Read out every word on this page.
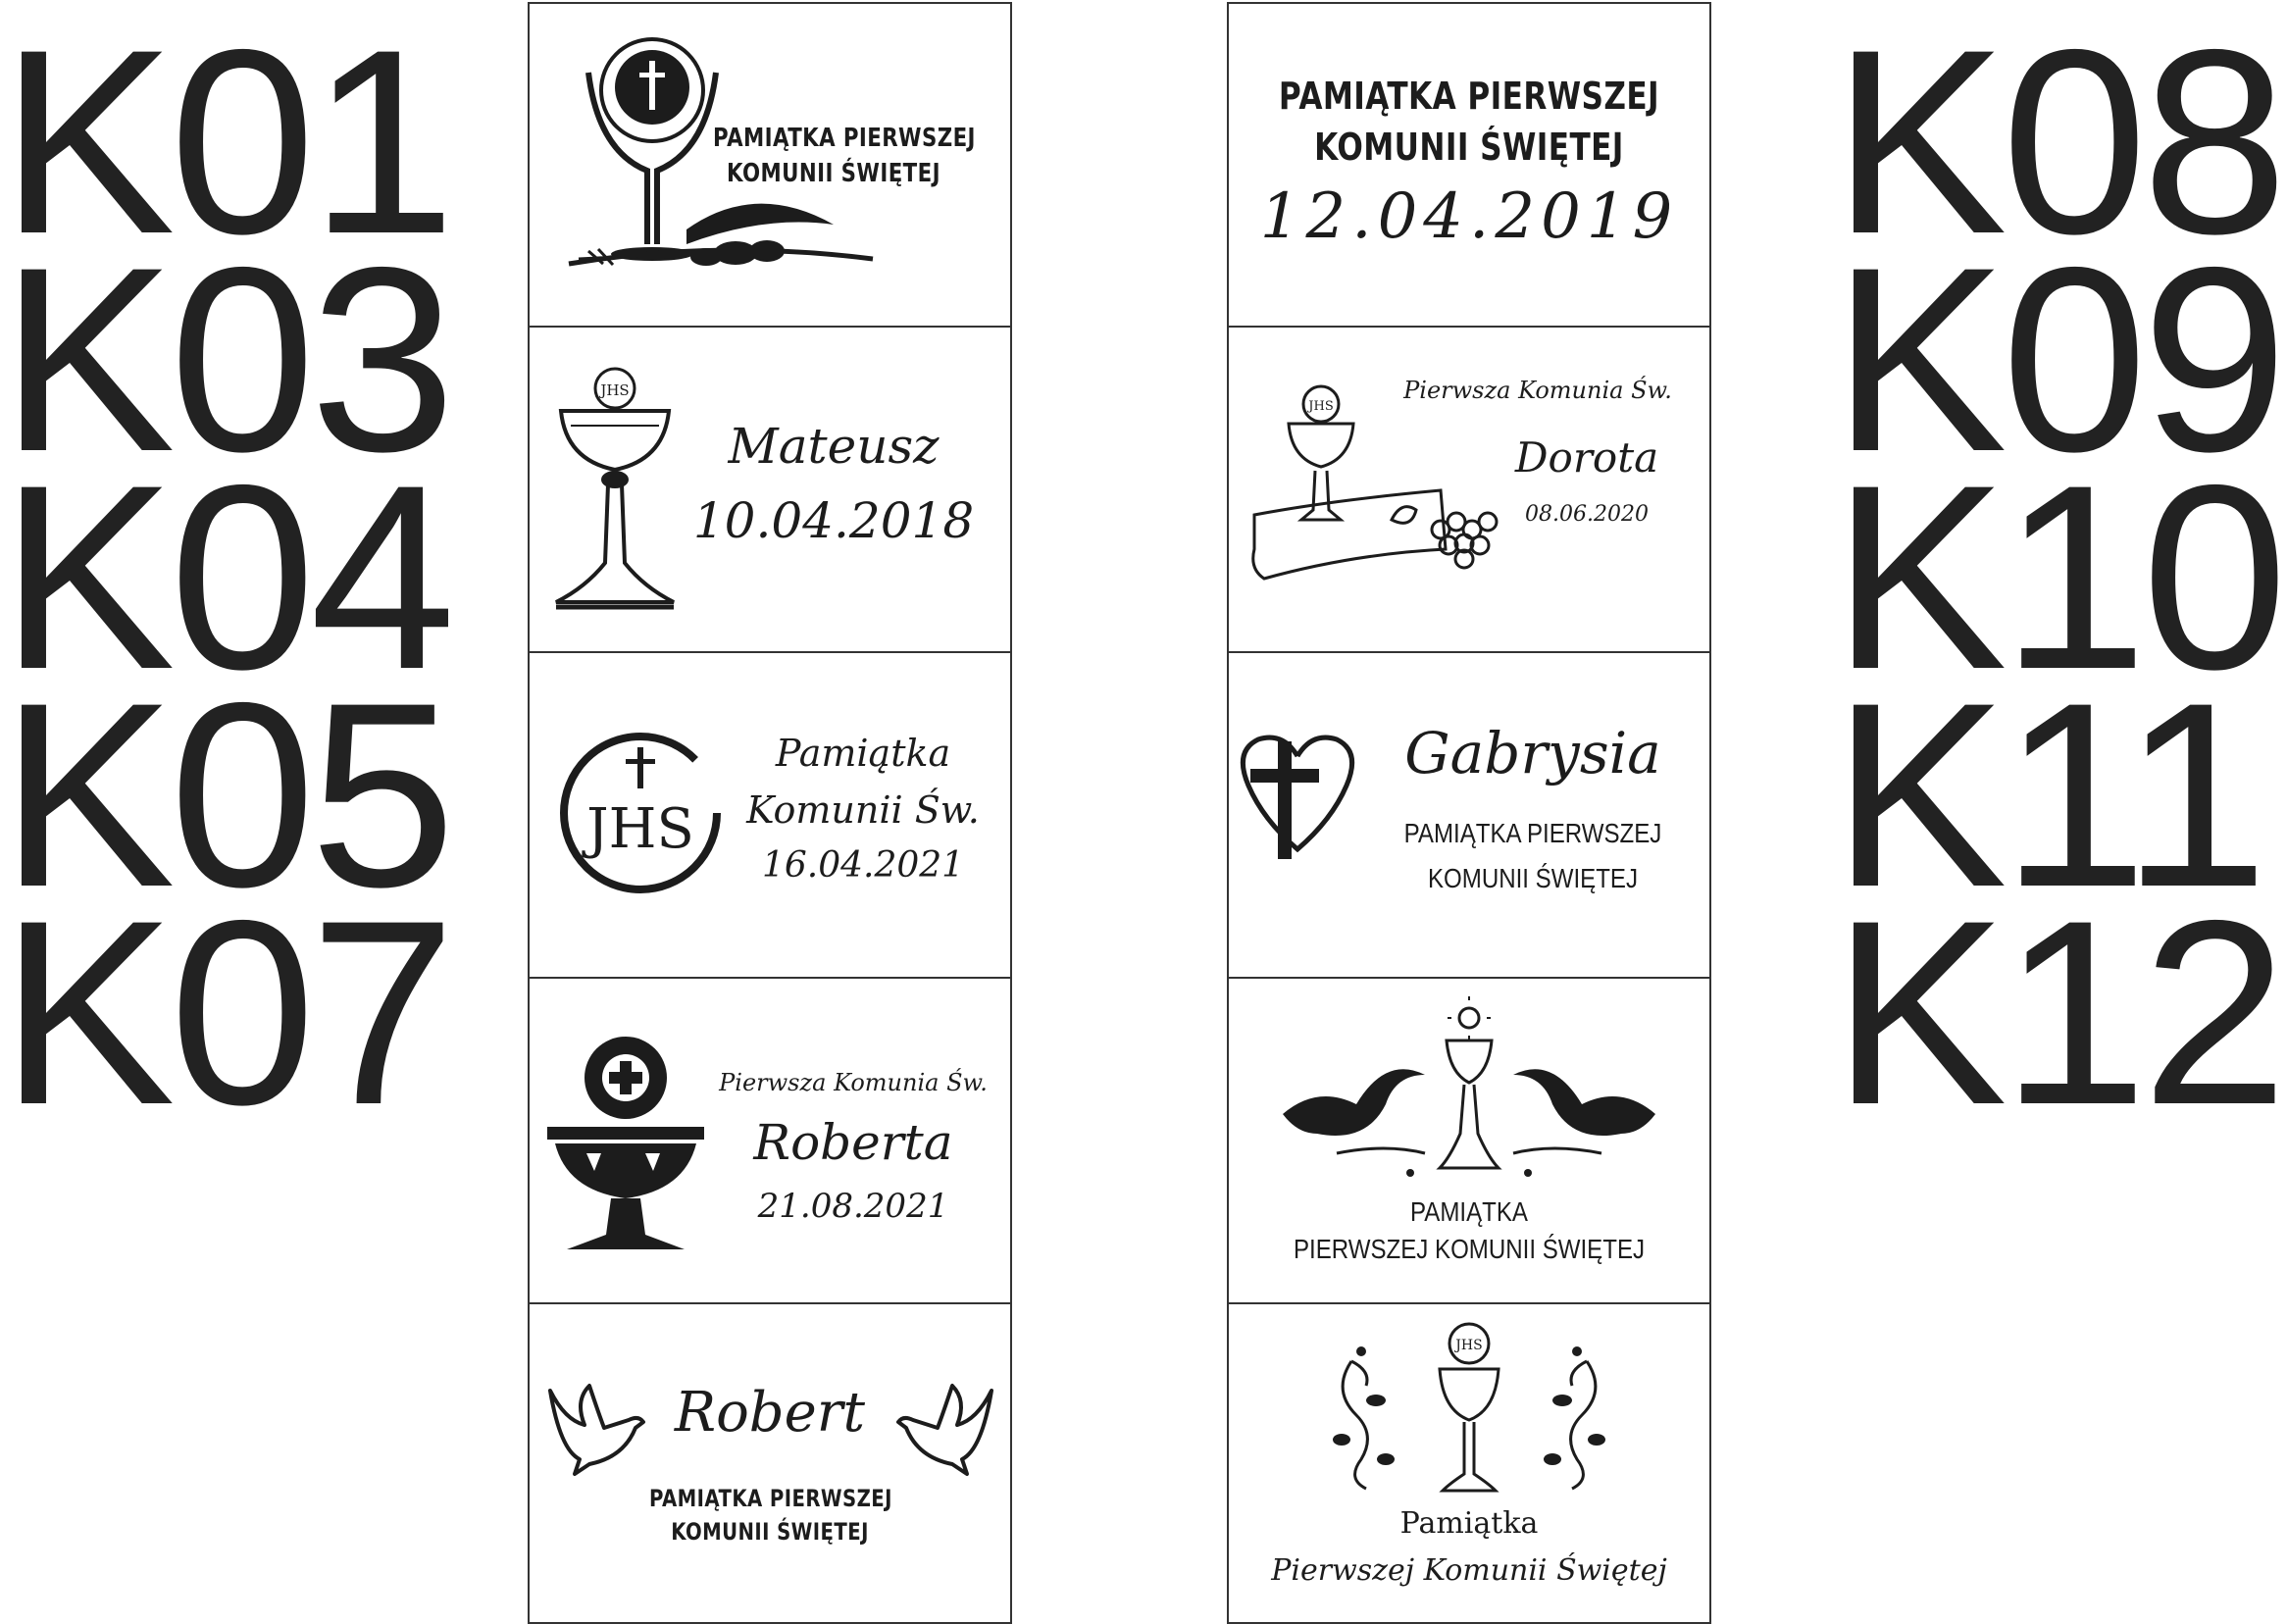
K01
K03
K04
K05
K07
K08
K09
K10
K11
K12
PAMIĄTKA PIERWSZEJ
KOMUNII ŚWIĘTEJ
JHS
Mateusz
10.04.2018
JHS
Pamiątka
Komunii Św.
16.04.2021
Pierwsza Komunia Św.
Roberta
21.08.2021
Robert
PAMIĄTKA PIERWSZEJ
KOMUNII ŚWIĘTEJ
PAMIĄTKA PIERWSZEJ
KOMUNII ŚWIĘTEJ
12.04.2019
JHS
Pierwsza Komunia Św.
Dorota
08.06.2020
Gabrysia
PAMIĄTKA PIERWSZEJ
KOMUNII ŚWIĘTEJ
PAMIĄTKA
PIERWSZEJ KOMUNII ŚWIĘTEJ
JHS
Pamiątka
Pierwszej Komunii Świętej
